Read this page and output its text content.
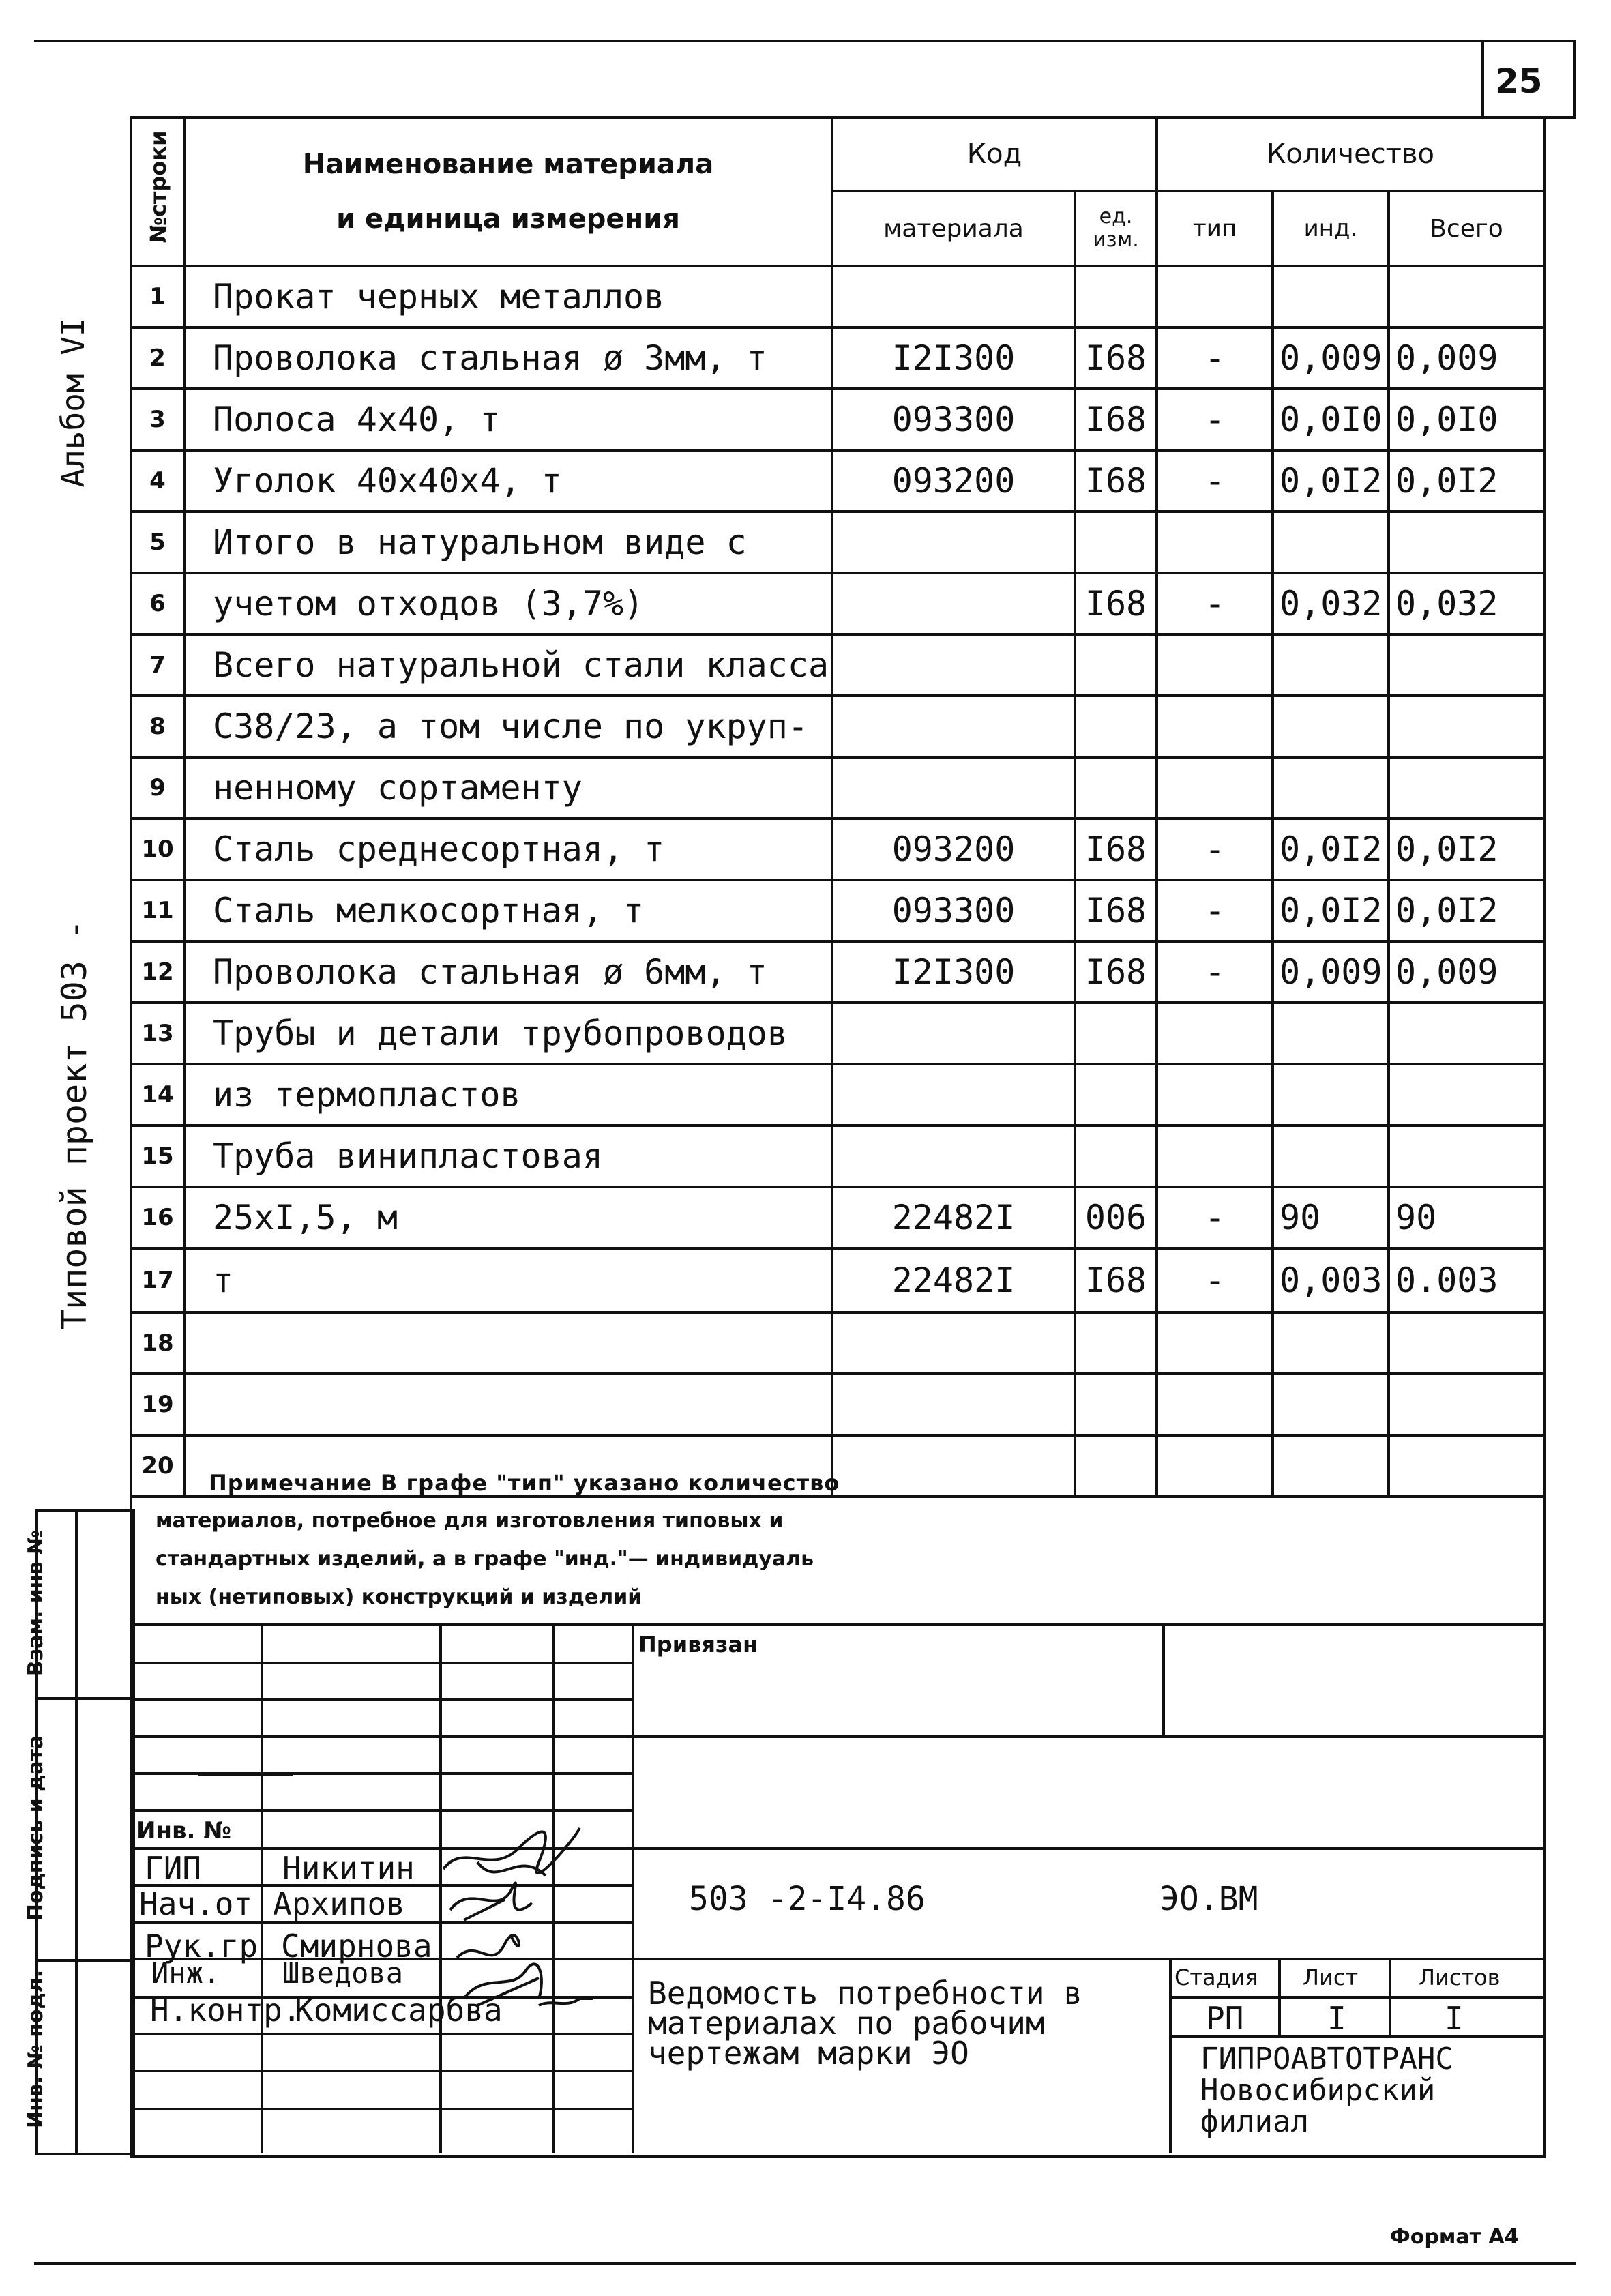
25
Альбом VI
Типовой проект 503 -
Взам. инв №
Подпись и дата
Инв. № подл.
№строки	Наименование материала
и единица измерения	Код		Количество		
		материала	ед. изм.	тип	инд.	Всего
1	Прокат черных металлов					
2	Проволока стальная ø 3мм, т	I2I300	I68	-	0,009	0,009
3	Полоса 4х40, т	093300	I68	-	0,0I0	0,0I0
4	Уголок 40х40х4, т	093200	I68	-	0,0I2	0,0I2
5	Итого в натуральном виде с					
6	учетом отходов (3,7%)		I68	-	0,032	0,032
7	Всего натуральной стали класса					
8	С38/23, а том числе по укруп-					
9	ненному сортаменту					
10	Сталь среднесортная, т	093200	I68	-	0,0I2	0,0I2
11	Сталь мелкосортная, т	093300	I68	-	0,0I2	0,0I2
12	Проволока стальная ø 6мм, т	I2I300	I68	-	0,009	0,009
13	Трубы и детали трубопроводов					
14	из термопластов					
15	Труба винипластовая					
16	25хI,5, м	22482I	006	-	90	90
17	т	22482I	I68	-	0,003	0.003
18						
19						
20						
Примечание В графе "тип" указано количество
материалов, потребное для изготовления типовых и
стандартных изделий, а в графе "инд."— индивидуаль
ных (нетиповых) конструкций и изделий
Привязан
Инв. №
ГИП	Никитин
Нач.от Архипов
Рук.гр Смирнова
Инж. Шведова
Н.контр.
Комиссарбва
503 -2-I4.86	ЭО.ВМ
Ведомость потребности в
материалах по рабочим
чертежам марки ЭО
Стадия Лист	Листов
РП	I	I
ГИПРОАВТОТРАНС
Новосибирский
филиал
Формат А4
